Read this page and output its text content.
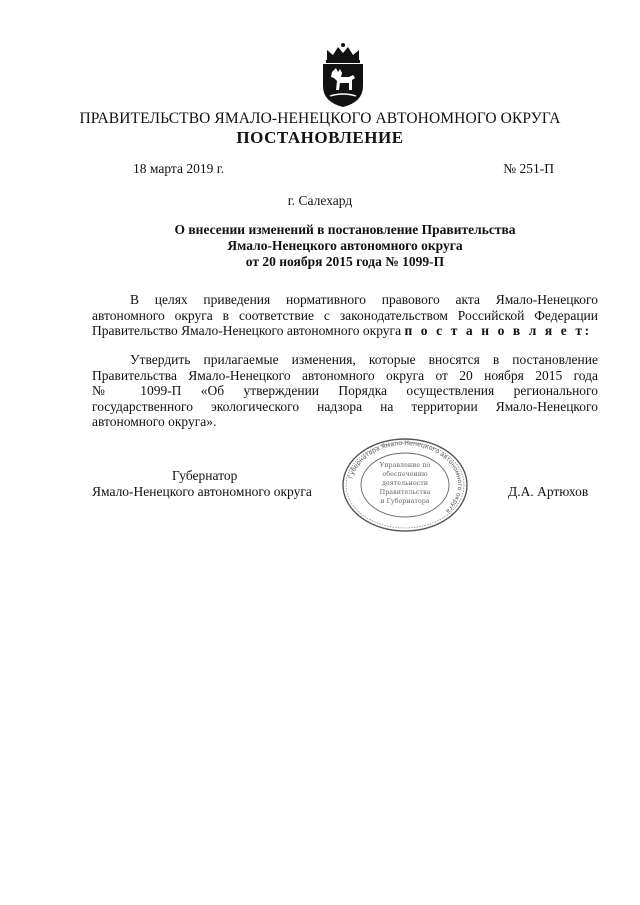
ПРАВИТЕЛЬСТВО ЯМАЛО-НЕНЕЦКОГО АВТОНОМНОГО ОКРУГА
ПОСТАНОВЛЕНИЕ
18 марта 2019 г.	№ 251-П
г. Салехард
О внесении изменений в постановление Правительства
Ямало-Ненецкого автономного округа
от 20 ноября 2015 года № 1099-П
В целях приведения нормативного правового акта Ямало-Ненецкого
автономного округа в соответствие с законодательством Российской Федерации
Правительство Ямало-Ненецкого автономного округа п о с т а н о в л я е т:
Утвердить прилагаемые изменения, которые вносятся в постановление
Правительства Ямало-Ненецкого автономного округа от 20 ноября 2015 года
№ 1099-П «Об утверждении Порядка осуществления регионального
государственного экологического надзора на территории Ямало-Ненецкого
автономного округа».
Губернатор
Ямало-Ненецкого автономного округа	Д.А. Артюхов
Губернатора Ямало-Ненецкого автономного округа
Управление по
обеспечению
деятельности
Правительства
и Губернатора
